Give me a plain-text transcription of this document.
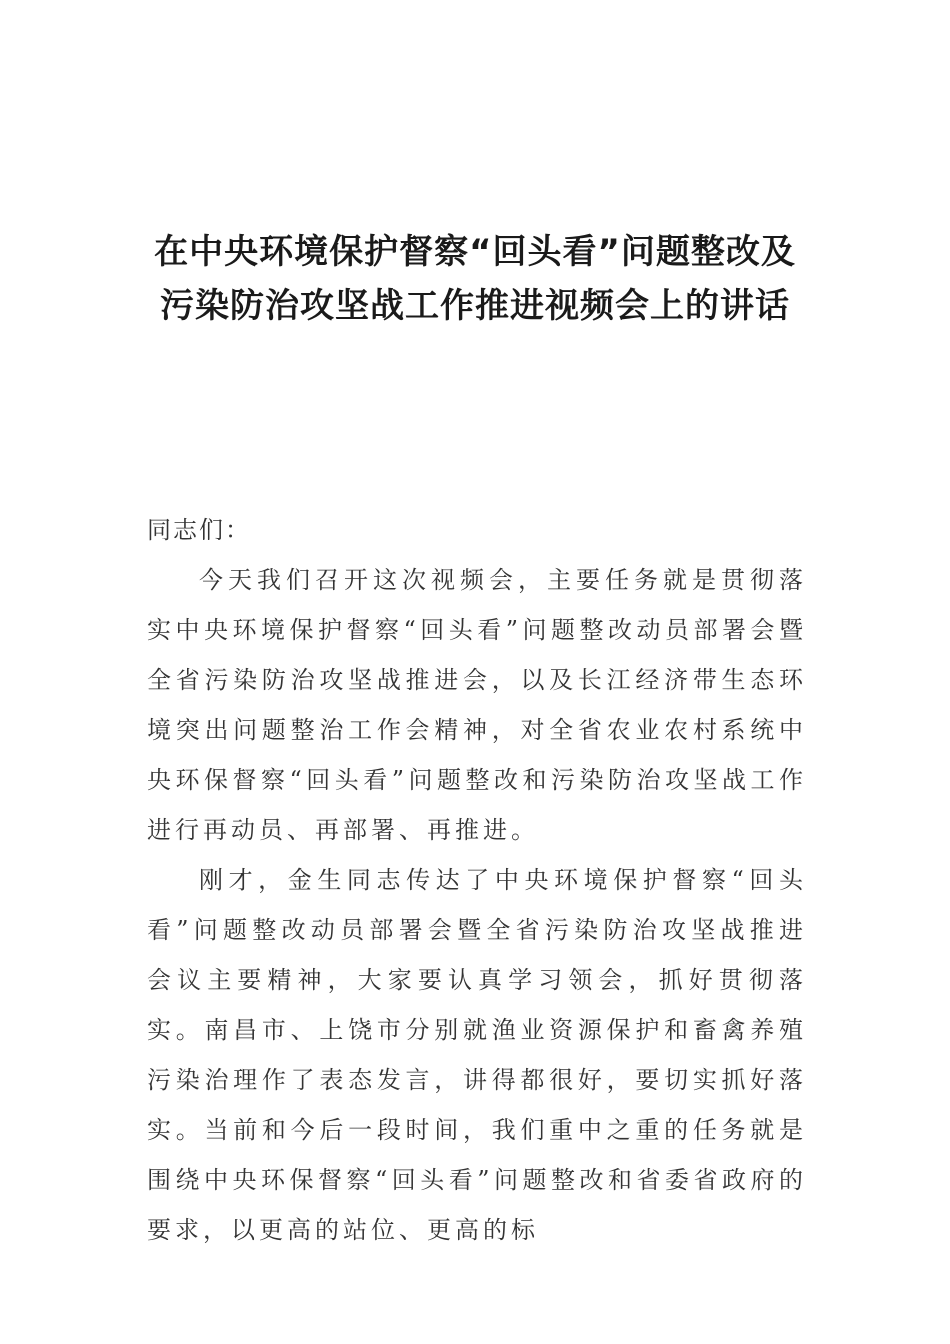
在中央环境保护督察“回头看”问题整改及污染防治攻坚战工作推进视频会上的讲话

同志们：

今天我们召开这次视频会，主要任务就是贯彻落实中央环境保护督察“回头看”问题整改动员部署会暨全省污染防治攻坚战推进会，以及长江经济带生态环境突出问题整治工作会精神，对全省农业农村系统中央环保督察“回头看”问题整改和污染防治攻坚战工作进行再动员、再部署、再推进。

刚才，金生同志传达了中央环境保护督察“回头看”问题整改动员部署会暨全省污染防治攻坚战推进会议主要精神，大家要认真学习领会，抓好贯彻落实。南昌市、上饶市分别就渔业资源保护和畜禽养殖污染治理作了表态发言，讲得都很好，要切实抓好落实。当前和今后一段时间，我们重中之重的任务就是围绕中央环保督察“回头看”问题整改和省委省政府的要求，以更高的站位、更高的标
